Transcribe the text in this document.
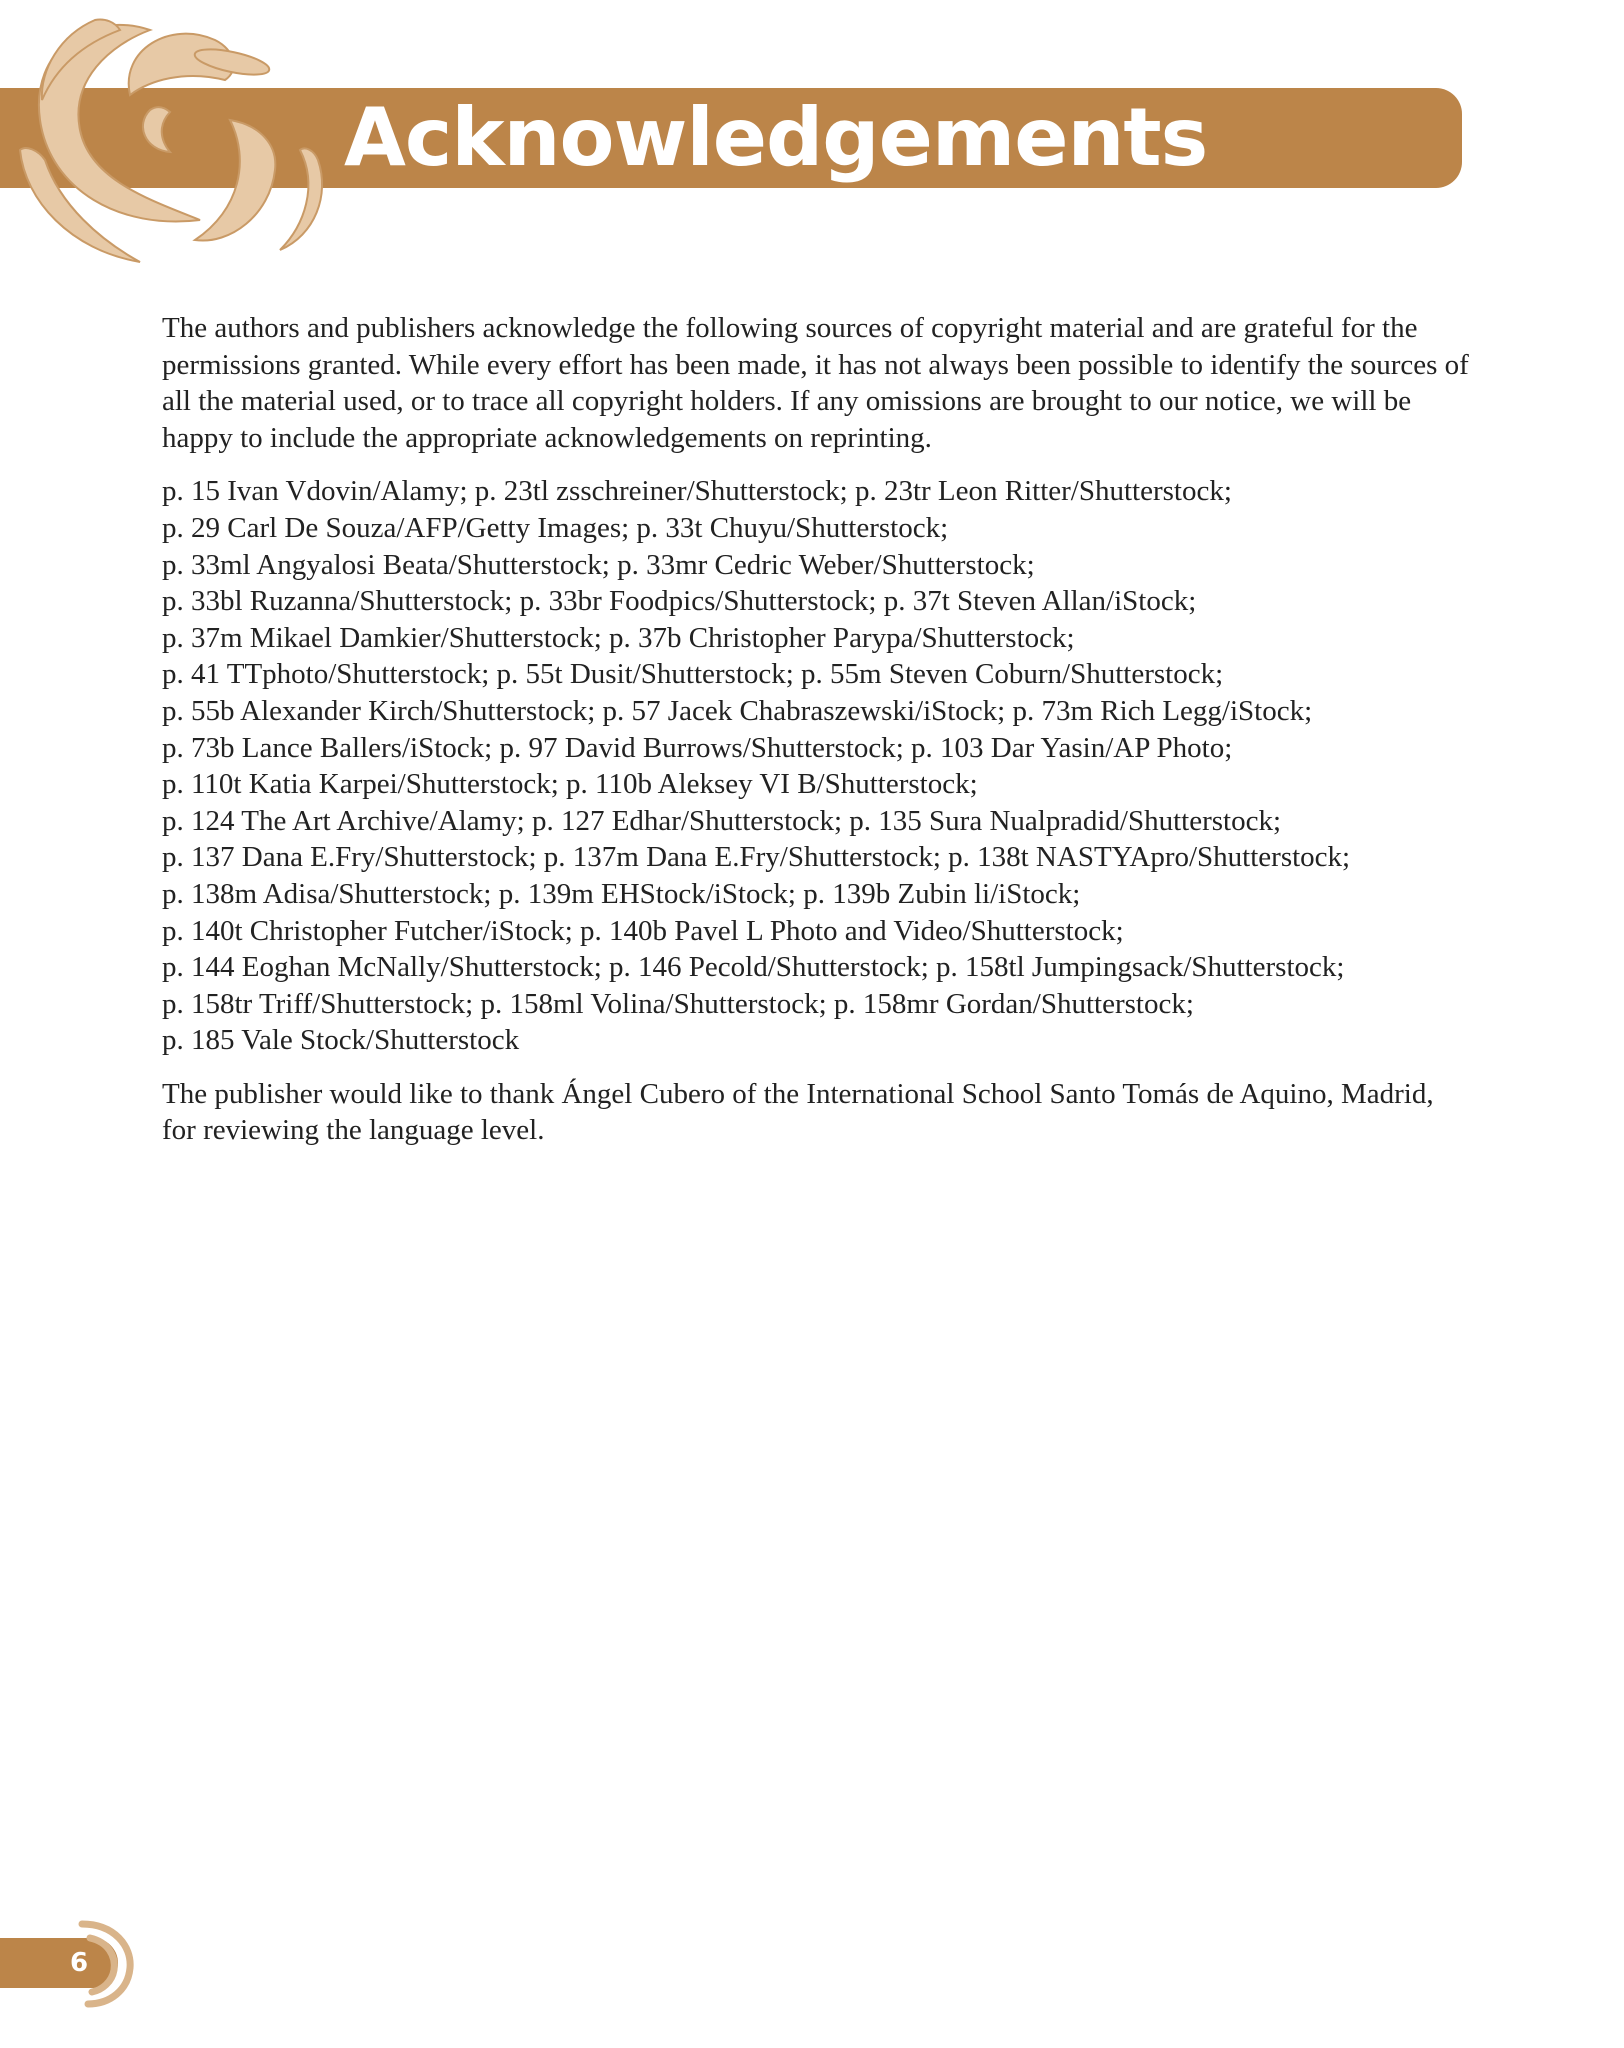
Acknowledgements

The authors and publishers acknowledge the following sources of copyright material and are grateful for the permissions granted. While every effort has been made, it has not always been possible to identify the sources of all the material used, or to trace all copyright holders. If any omissions are brought to our notice, we will be happy to include the appropriate acknowledgements on reprinting.

p. 15 Ivan Vdovin/Alamy; p. 23tl zsschreiner/Shutterstock; p. 23tr Leon Ritter/Shutterstock;
p. 29 Carl De Souza/AFP/Getty Images; p. 33t Chuyu/Shutterstock;
p. 33ml Angyalosi Beata/Shutterstock; p. 33mr Cedric Weber/Shutterstock;
p. 33bl Ruzanna/Shutterstock; p. 33br Foodpics/Shutterstock; p. 37t Steven Allan/iStock;
p. 37m Mikael Damkier/Shutterstock; p. 37b Christopher Parypa/Shutterstock;
p. 41 TTphoto/Shutterstock; p. 55t Dusit/Shutterstock; p. 55m Steven Coburn/Shutterstock;
p. 55b Alexander Kirch/Shutterstock; p. 57 Jacek Chabraszewski/iStock; p. 73m Rich Legg/iStock;
p. 73b Lance Ballers/iStock; p. 97 David Burrows/Shutterstock; p. 103 Dar Yasin/AP Photo;
p. 110t Katia Karpei/Shutterstock; p. 110b Aleksey VI B/Shutterstock;
p. 124 The Art Archive/Alamy; p. 127 Edhar/Shutterstock; p. 135 Sura Nualpradid/Shutterstock;
p. 137 Dana E.Fry/Shutterstock; p. 137m Dana E.Fry/Shutterstock; p. 138t NASTYApro/Shutterstock;
p. 138m Adisa/Shutterstock; p. 139m EHStock/iStock; p. 139b Zubin li/iStock;
p. 140t Christopher Futcher/iStock; p. 140b Pavel L Photo and Video/Shutterstock;
p. 144 Eoghan McNally/Shutterstock; p. 146 Pecold/Shutterstock; p. 158tl Jumpingsack/Shutterstock;
p. 158tr Triff/Shutterstock; p. 158ml Volina/Shutterstock; p. 158mr Gordan/Shutterstock;
p. 185 Vale Stock/Shutterstock

The publisher would like to thank Ángel Cubero of the International School Santo Tomás de Aquino, Madrid, for reviewing the language level.

6
